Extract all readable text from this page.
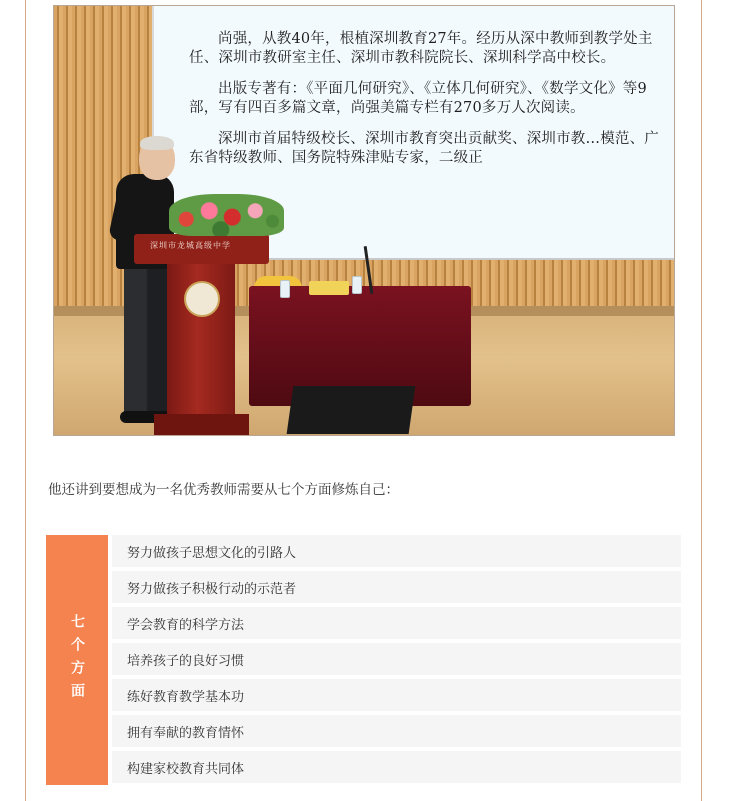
尚强，从教40年，根植深圳教育27年。经历从深中教师到教学处主任、深圳市教研室主任、深圳市教科院院长、深圳科学高中校长。

出版专著有：《平面几何研究》、《立体几何研究》、《数学文化》等9部，写有四百多篇文章，尚强美篇专栏有270多万人次阅读。

深圳市首届特级校长、深圳市教育突出贡献奖、深圳市教…模范、广东省特级教师、国务院特殊津贴专家，二级正

深圳市龙城高级中学

他还讲到要想成为一名优秀教师需要从七个方面修炼自己：

七个方面
努力做孩子思想文化的引路人
努力做孩子积极行动的示范者
学会教育的科学方法
培养孩子的良好习惯
练好教育教学基本功
拥有奉献的教育情怀
构建家校教育共同体
